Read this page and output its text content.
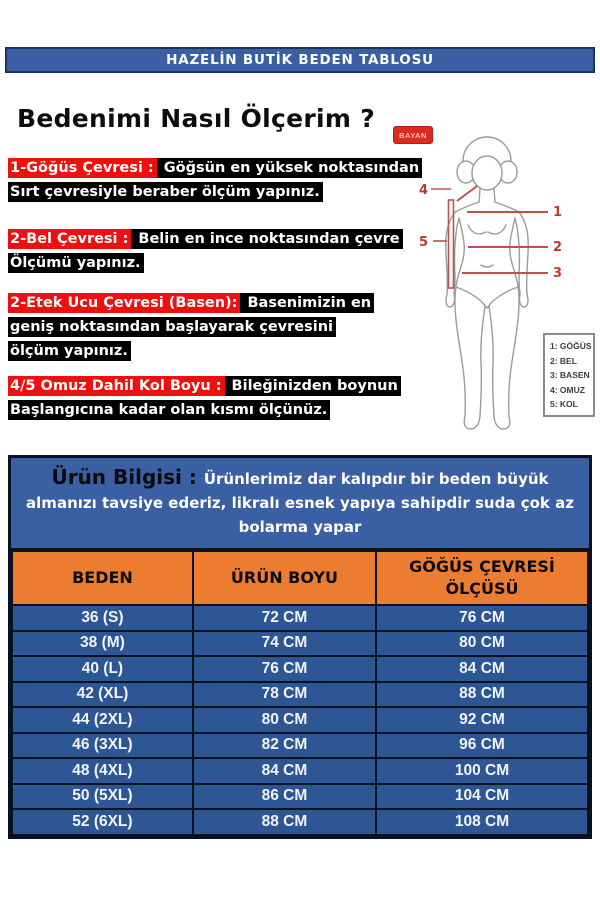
HAZELİN BUTİK BEDEN TABLOSU
Bedenimi Nasıl Ölçerim ?
1-Göğüs Çevresi : Göğsün en yüksek noktasından
Sırt çevresiyle beraber ölçüm yapınız.
2-Bel Çevresi : Belin en ince noktasından çevre
Ölçümü yapınız.
2-Etek Ucu Çevresi (Basen): Basenimizin en
geniş noktasından başlayarak çevresini
ölçüm yapınız.
4/5 Omuz Dahil Kol Boyu : Bileğinizden boynun
Başlangıcına kadar olan kısmı ölçünüz.
BAYAN
1
2
3
4
5
1: GÖĞÜS
2: BEL
3: BASEN
4: OMUZ
5: KOL
Ürün Bilgisi : Ürünlerimiz dar kalıpdır bir beden büyük almanızı tavsiye ederiz, likralı esnek yapıya sahipdir suda çok az bolarma yapar
BEDEN	ÜRÜN BOYU	GÖĞÜS ÇEVRESİ ÖLÇÜSÜ
36 (S)	72 CM	76 CM
38 (M)	74 CM	80 CM
40 (L)	76 CM	84 CM
42 (XL)	78 CM	88 CM
44 (2XL)	80 CM	92 CM
46 (3XL)	82 CM	96 CM
48 (4XL)	84 CM	100 CM
50 (5XL)	86 CM	104 CM
52 (6XL)	88 CM	108 CM
